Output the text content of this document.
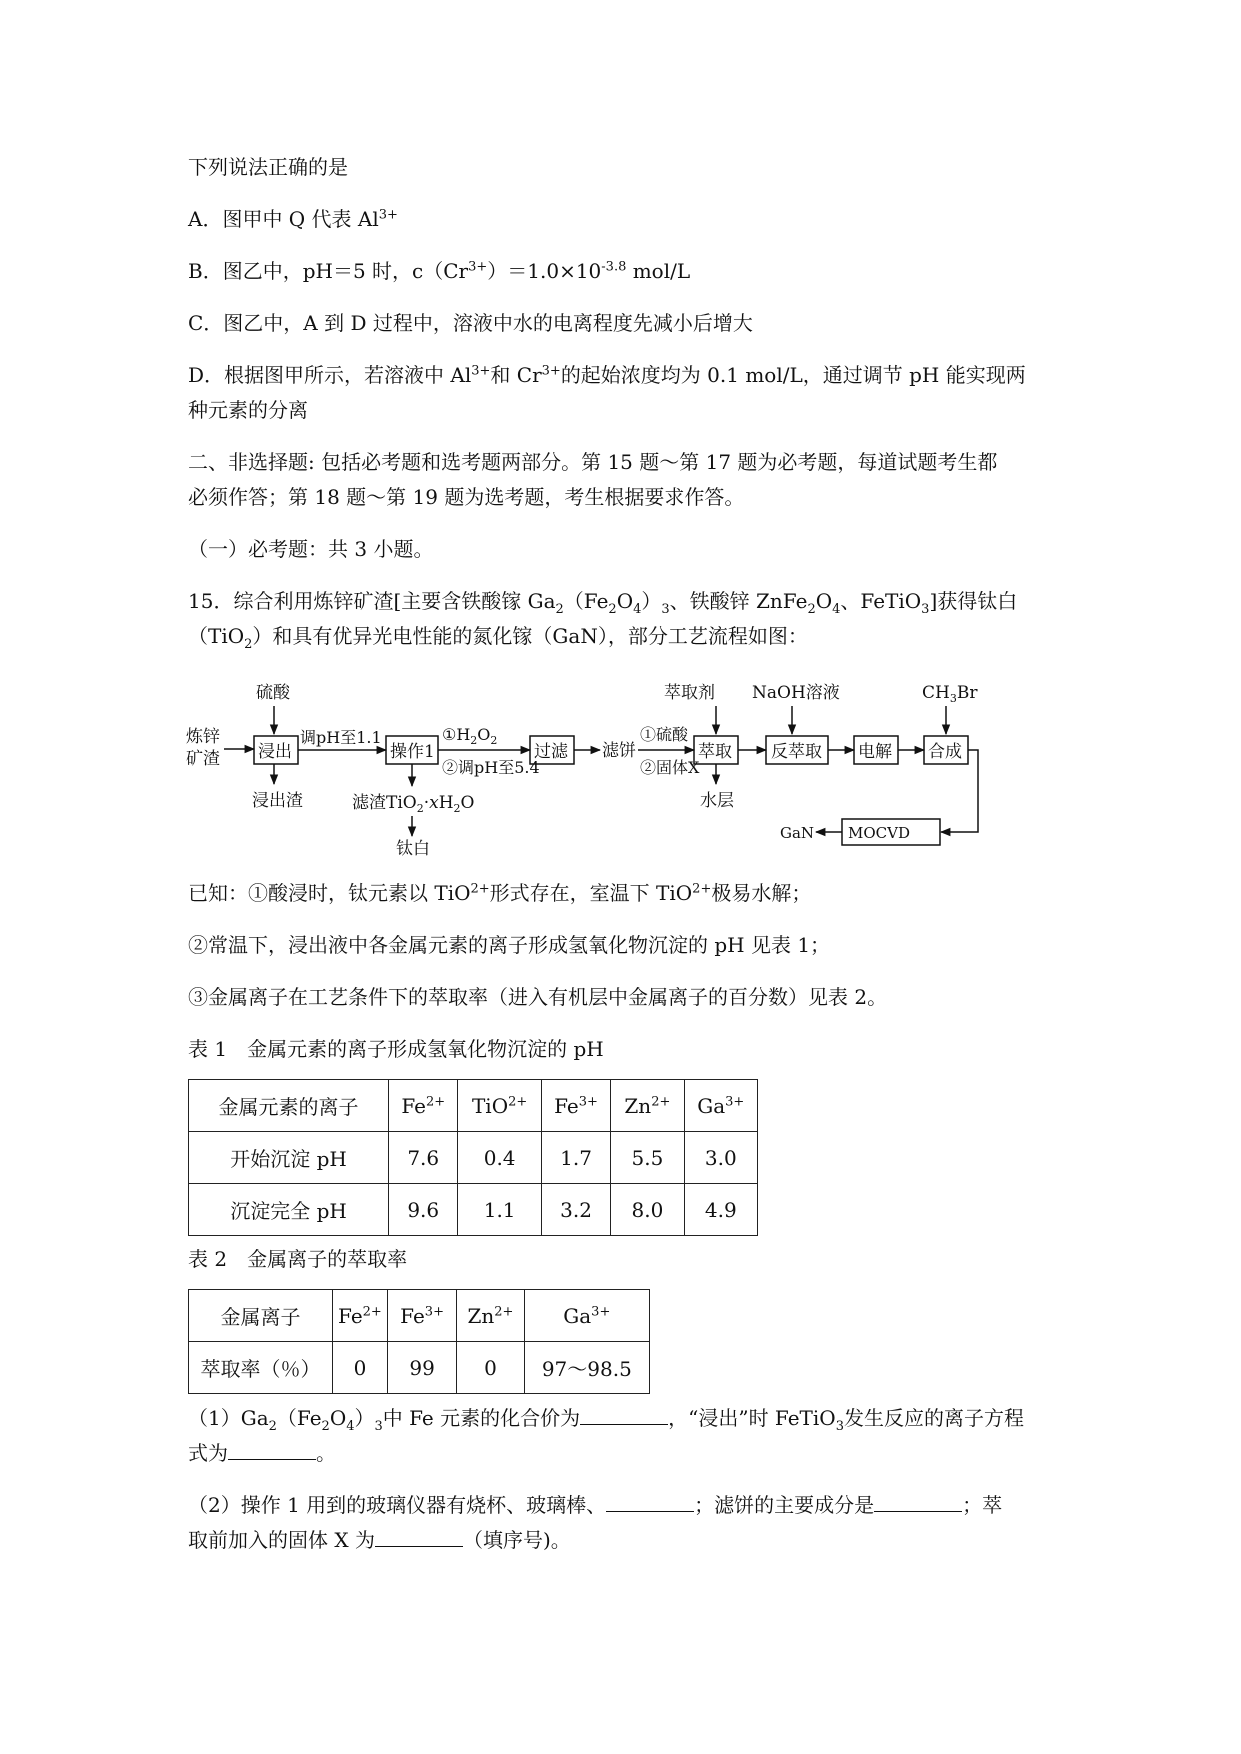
下列说法正确的是
A．图甲中 Q 代表 $Al^{3+}$
B．图乙中，pH＝5 时，$c(Cr^{3+})=1.0\times 10^{-3.8}$ mol/L
C．图乙中，A 到 D 过程中，溶液中水的电离程度先减小后增大
D．根据图甲所示，若溶液中 $Al^{3+}$和 $Cr^{3+}$的起始浓度均为 0.1 mol/L，通过调节 pH 能实现两
种元素的分离
二、非选择题: 包括必考题和选考题两部分。第 15 题～第 17 题为必考题，每道试题考生都
必须作答；第 18 题～第 19 题为选考题，考生根据要求作答。
（一）必考题：共 3 小题。
15．综合利用炼锌矿渣[主要含铁酸镓 $Ga_2(Fe_2O_4)_3$、铁酸锌 $ZnFe_2O_4$、FeTiO$_3$]获得钛白
（TiO$_2$）和具有优异光电性能的氮化镓（GaN），部分工艺流程如图：
炼锌
矿渣
硫酸
浸出
浸出渣
调pH至1.1
操作1
滤渣$TiO_2\cdot xH_2O$
钛白
$①H_2O_2$
②调pH至5.4
过滤 滤饼
①硫酸
②固体X
萃取剂
萃取
水层
NaOH溶液
反萃取 电解
$CH_3Br$
合成
MOCVD
GaN
已知：①酸浸时，钛元素以 TiO$^{2+}$形式存在，室温下 TiO$^{2+}$极易水解；
②常温下，浸出液中各金属元素的离子形成氢氧化物沉淀的 pH 见表 1；
③金属离子在工艺条件下的萃取率（进入有机层中金属离子的百分数）见表 2。
表 1　金属元素的离子形成氢氧化物沉淀的 pH
金属元素的离子	$Fe^{2+}$	TiO$^{2+}$	$Fe^{3+}$	$Zn^{2+}$	$Ga^{3+}$
开始沉淀 pH	7.6	0.4	1.7	5.5	3.0
沉淀完全 pH	9.6	1.1	3.2	8.0	4.9
表 2　金属离子的萃取率
金属离子	$Fe^{2+}$	$Fe^{3+}$	$Zn^{2+}$	$Ga^{3+}$
萃取率（％）	0	99	0	97～98.5
$(1)Ga_2(Fe_2O_4)_3$中 Fe 元素的化合价为	，“浸出”时 FeTiO$_3$发生反应的离子方程
式为	。
（2）操作 1 用到的玻璃仪器有烧杯、玻璃棒、	；滤饼的主要成分是	；萃
取前加入的固体 X 为	（填序号)。
